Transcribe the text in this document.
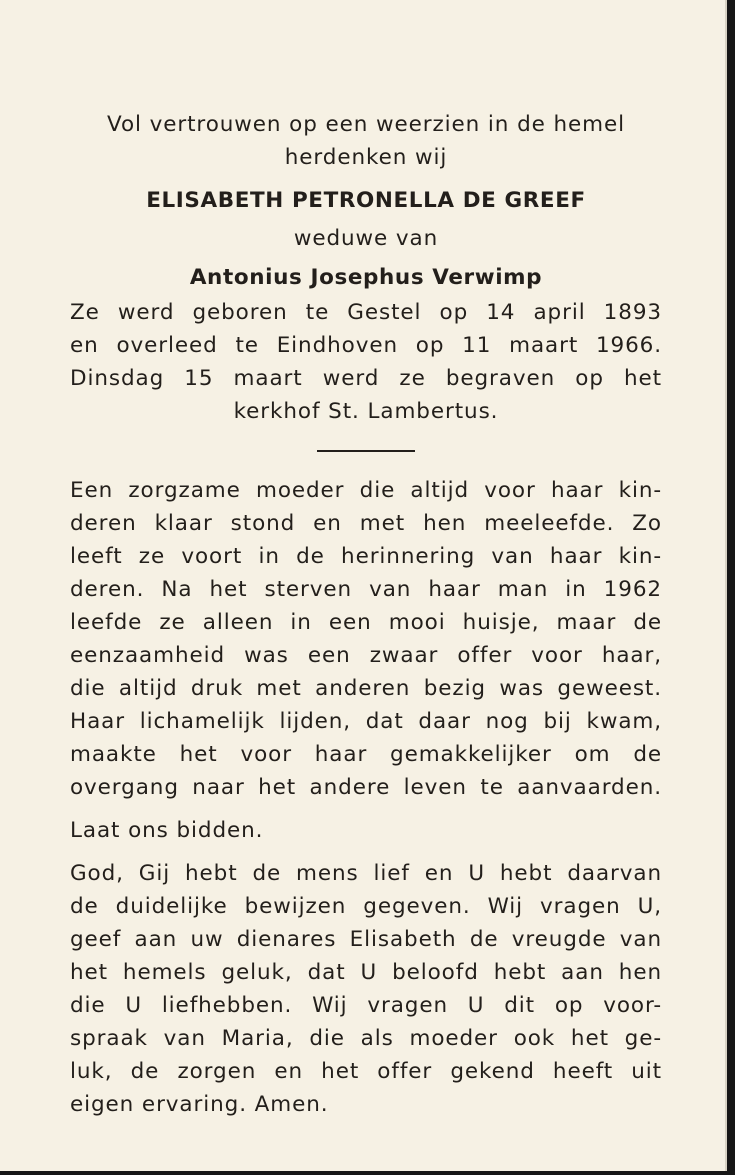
Vol vertrouwen op een weerzien in de hemel
herdenken wij
ELISABETH PETRONELLA DE GREEF
weduwe van
Antonius Josephus Verwimp
Ze werd geboren te Gestel op 14 april 1893
en overleed te Eindhoven op 11 maart 1966.
Dinsdag 15 maart werd ze begraven op het
kerkhof St. Lambertus.
Een zorgzame moeder die altijd voor haar kin-
deren klaar stond en met hen meeleefde. Zo
leeft ze voort in de herinnering van haar kin-
deren. Na het sterven van haar man in 1962
leefde ze alleen in een mooi huisje, maar de
eenzaamheid was een zwaar offer voor haar,
die altijd druk met anderen bezig was geweest.
Haar lichamelijk lijden, dat daar nog bij kwam,
maakte het voor haar gemakkelijker om de
overgang naar het andere leven te aanvaarden.
Laat ons bidden.
God, Gij hebt de mens lief en U hebt daarvan
de duidelijke bewijzen gegeven. Wij vragen U,
geef aan uw dienares Elisabeth de vreugde van
het hemels geluk, dat U beloofd hebt aan hen
die U liefhebben. Wij vragen U dit op voor-
spraak van Maria, die als moeder ook het ge-
luk, de zorgen en het offer gekend heeft uit
eigen ervaring. Amen.
